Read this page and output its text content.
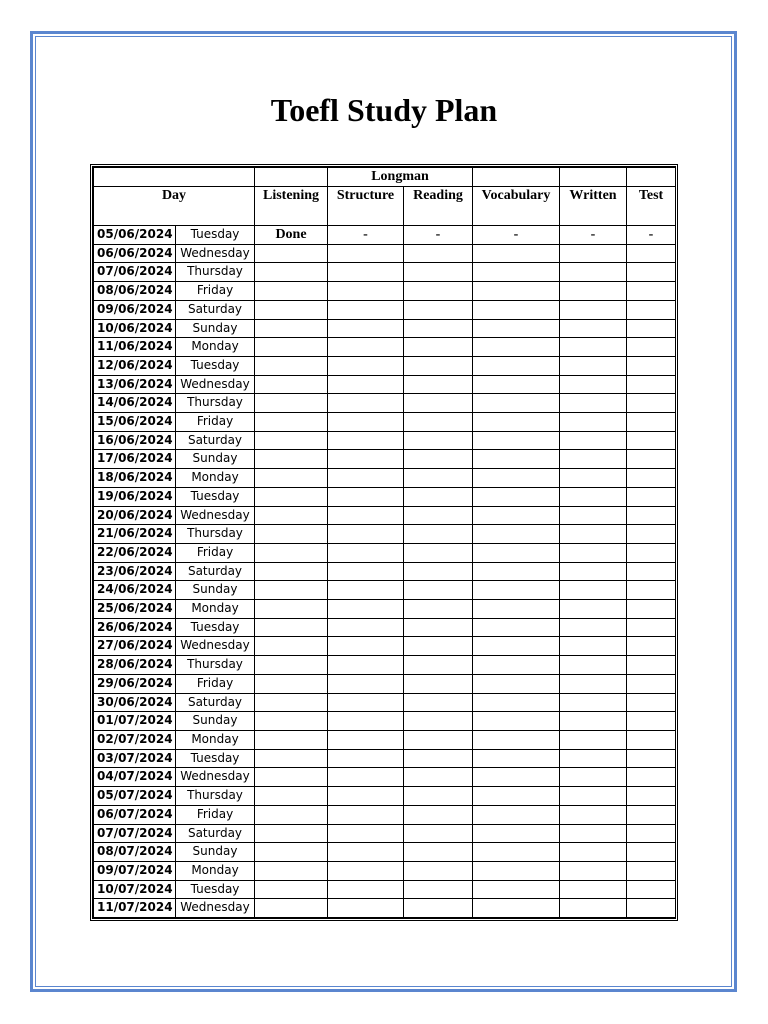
Toefl Study Plan
			Longman				
Day		Listening	Structure	Reading	Vocabulary	Written	Test
05/06/2024	Tuesday	Done	-	-	-	-	-
06/06/2024	Wednesday						
07/06/2024	Thursday						
08/06/2024	Friday						
09/06/2024	Saturday						
10/06/2024	Sunday						
11/06/2024	Monday						
12/06/2024	Tuesday						
13/06/2024	Wednesday						
14/06/2024	Thursday						
15/06/2024	Friday						
16/06/2024	Saturday						
17/06/2024	Sunday						
18/06/2024	Monday						
19/06/2024	Tuesday						
20/06/2024	Wednesday						
21/06/2024	Thursday						
22/06/2024	Friday						
23/06/2024	Saturday						
24/06/2024	Sunday						
25/06/2024	Monday						
26/06/2024	Tuesday						
27/06/2024	Wednesday						
28/06/2024	Thursday						
29/06/2024	Friday						
30/06/2024	Saturday						
01/07/2024	Sunday						
02/07/2024	Monday						
03/07/2024	Tuesday						
04/07/2024	Wednesday						
05/07/2024	Thursday						
06/07/2024	Friday						
07/07/2024	Saturday						
08/07/2024	Sunday						
09/07/2024	Monday						
10/07/2024	Tuesday						
11/07/2024	Wednesday						
